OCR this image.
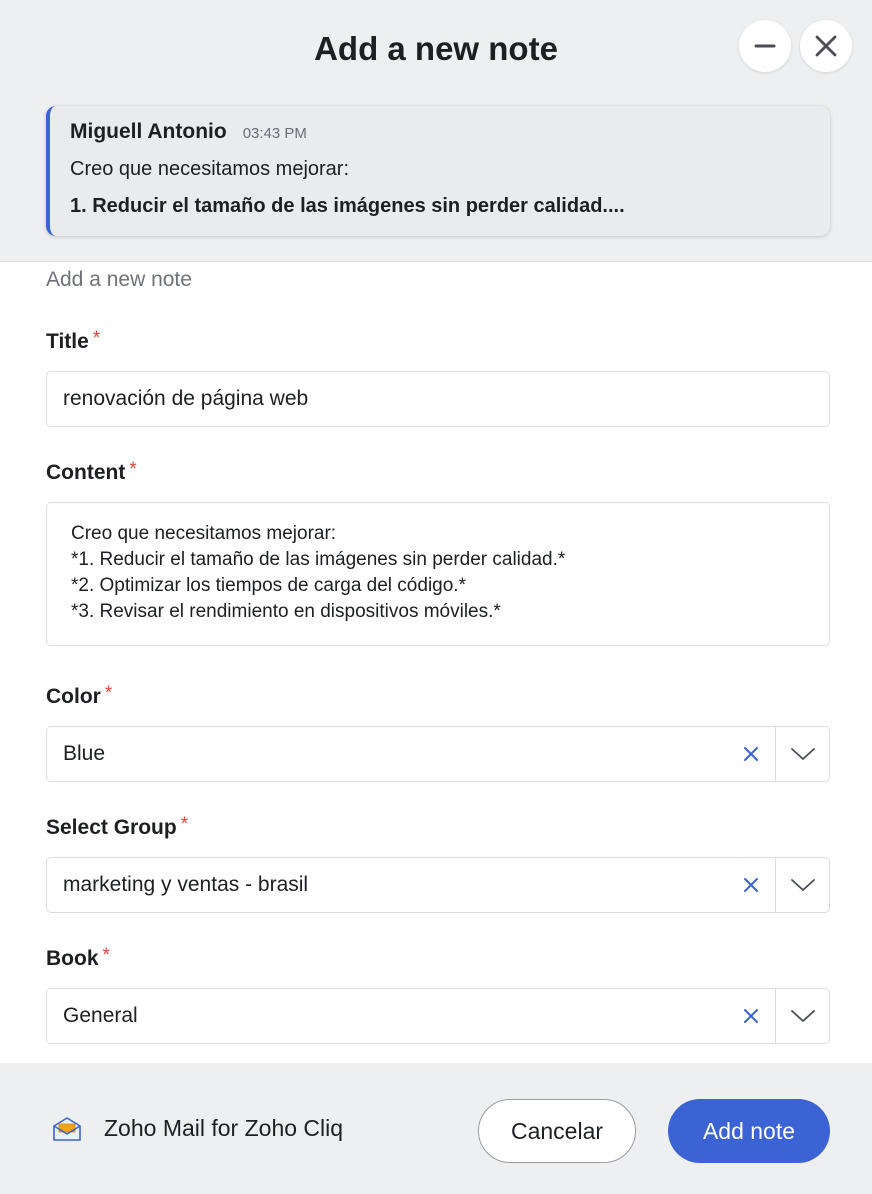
Add a new note
Miguell Antonio 03:43 PM
Creo que necesitamos mejorar:
1. Reducir el tamaño de las imágenes sin perder calidad....
Add a new note
Title *
renovación de página web
Content *
Creo que necesitamos mejorar:
*1. Reducir el tamaño de las imágenes sin perder calidad.*
*2. Optimizar los tiempos de carga del código.*
*3. Revisar el rendimiento en dispositivos móviles.*
Color *
Blue
Select Group *
marketing y ventas - brasil
Book *
General
Zoho Mail for Zoho Cliq	Cancelar	Add note
